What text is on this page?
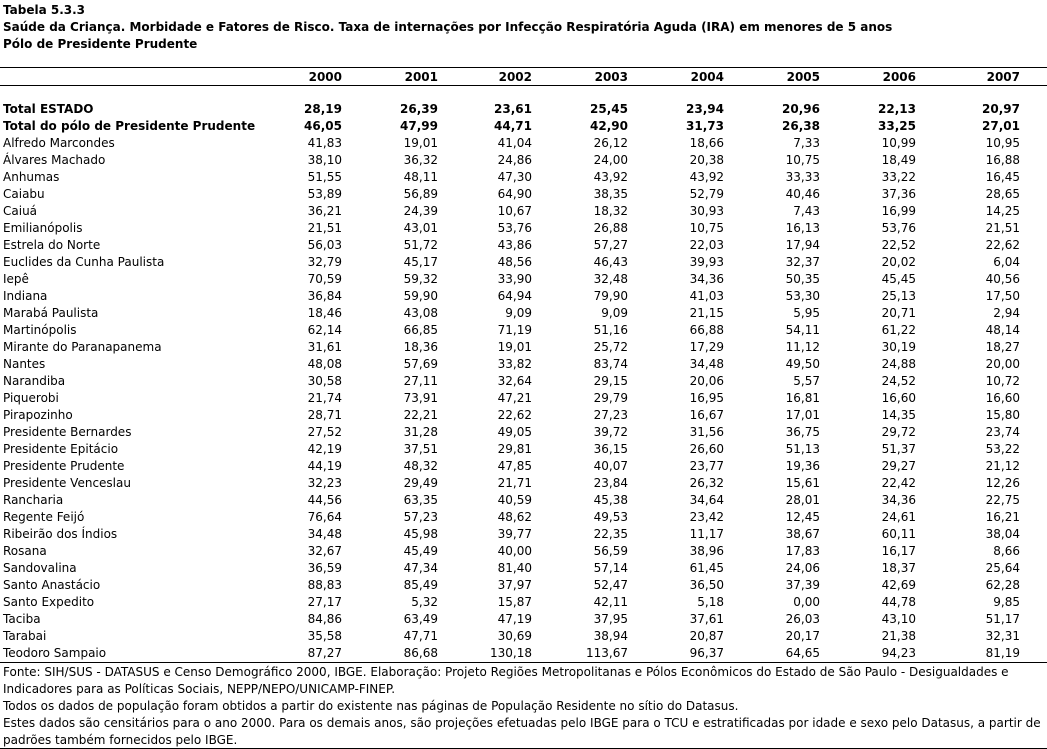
Tabela 5.3.3
Saúde da Criança. Morbidade e Fatores de Risco. Taxa de internações por Infecção Respiratória Aguda (IRA) em menores de 5 anos
Pólo de Presidente Prudente
	2000	2001	2002	2003	2004	2005	2006	2007

Total ESTADO	28,19	26,39	23,61	25,45	23,94	20,96	22,13	20,97
Total do pólo de Presidente Prudente	46,05	47,99	44,71	42,90	31,73	26,38	33,25	27,01
Alfredo Marcondes	41,83	19,01	41,04	26,12	18,66	7,33	10,99	10,95
Álvares Machado	38,10	36,32	24,86	24,00	20,38	10,75	18,49	16,88
Anhumas	51,55	48,11	47,30	43,92	43,92	33,33	33,22	16,45
Caiabu	53,89	56,89	64,90	38,35	52,79	40,46	37,36	28,65
Caiuá	36,21	24,39	10,67	18,32	30,93	7,43	16,99	14,25
Emilianópolis	21,51	43,01	53,76	26,88	10,75	16,13	53,76	21,51
Estrela do Norte	56,03	51,72	43,86	57,27	22,03	17,94	22,52	22,62
Euclides da Cunha Paulista	32,79	45,17	48,56	46,43	39,93	32,37	20,02	6,04
Iepê	70,59	59,32	33,90	32,48	34,36	50,35	45,45	40,56
Indiana	36,84	59,90	64,94	79,90	41,03	53,30	25,13	17,50
Marabá Paulista	18,46	43,08	9,09	9,09	21,15	5,95	20,71	2,94
Martinópolis	62,14	66,85	71,19	51,16	66,88	54,11	61,22	48,14
Mirante do Paranapanema	31,61	18,36	19,01	25,72	17,29	11,12	30,19	18,27
Nantes	48,08	57,69	33,82	83,74	34,48	49,50	24,88	20,00
Narandiba	30,58	27,11	32,64	29,15	20,06	5,57	24,52	10,72
Piquerobi	21,74	73,91	47,21	29,79	16,95	16,81	16,60	16,60
Pirapozinho	28,71	22,21	22,62	27,23	16,67	17,01	14,35	15,80
Presidente Bernardes	27,52	31,28	49,05	39,72	31,56	36,75	29,72	23,74
Presidente Epitácio	42,19	37,51	29,81	36,15	26,60	51,13	51,37	53,22
Presidente Prudente	44,19	48,32	47,85	40,07	23,77	19,36	29,27	21,12
Presidente Venceslau	32,23	29,49	21,71	23,84	26,32	15,61	22,42	12,26
Rancharia	44,56	63,35	40,59	45,38	34,64	28,01	34,36	22,75
Regente Feijó	76,64	57,23	48,62	49,53	23,42	12,45	24,61	16,21
Ribeirão dos Índios	34,48	45,98	39,77	22,35	11,17	38,67	60,11	38,04
Rosana	32,67	45,49	40,00	56,59	38,96	17,83	16,17	8,66
Sandovalina	36,59	47,34	81,40	57,14	61,45	24,06	18,37	25,64
Santo Anastácio	88,83	85,49	37,97	52,47	36,50	37,39	42,69	62,28
Santo Expedito	27,17	5,32	15,87	42,11	5,18	0,00	44,78	9,85
Taciba	84,86	63,49	47,19	37,95	37,61	26,03	43,10	51,17
Tarabai	35,58	47,71	30,69	38,94	20,87	20,17	21,38	32,31
Teodoro Sampaio	87,27	86,68	130,18	113,67	96,37	64,65	94,23	81,19

Fonte: SIH/SUS - DATASUS e Censo Demográfico 2000, IBGE. Elaboração: Projeto Regiões Metropolitanas e Pólos Econômicos do Estado de São Paulo - Desigualdades e Indicadores para as Políticas Sociais, NEPP/NEPO/UNICAMP-FINEP.

Todos os dados de população foram obtidos a partir do existente nas páginas de População Residente no sítio do Datasus.

Estes dados são censitários para o ano 2000. Para os demais anos, são projeções efetuadas pelo IBGE para o TCU e estratificadas por idade e sexo pelo Datasus, a partir de padrões também fornecidos pelo IBGE.
